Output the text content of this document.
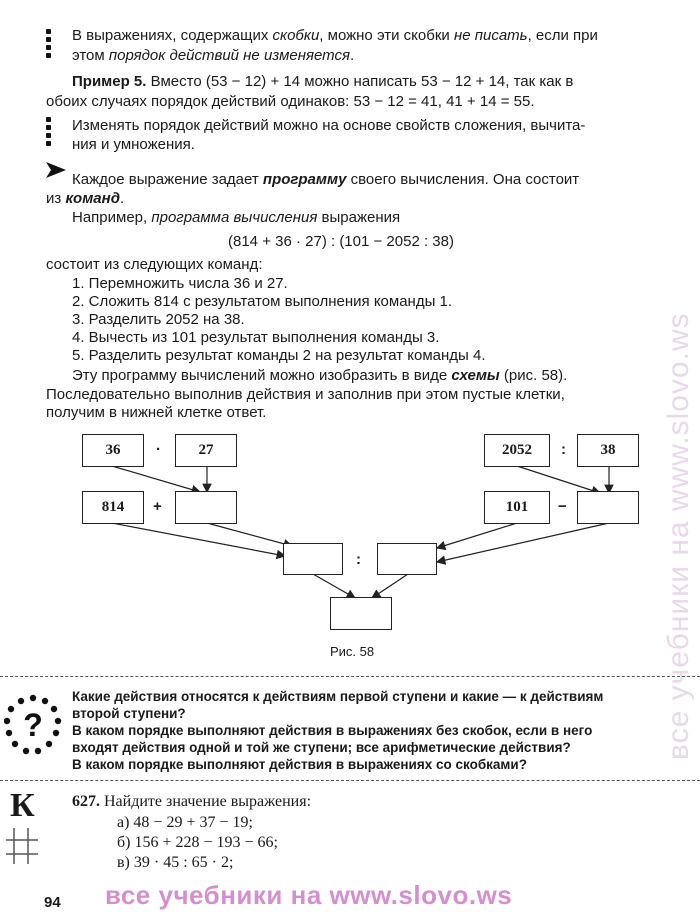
все учебники на www.slovo.ws
В выражениях, содержащих скобки, можно эти скобки не писать, если при
этом порядок действий не изменяется.
Пример 5. Вместо (53 − 12) + 14 можно написать 53 − 12 + 14, так как в
обоих случаях порядок действий одинаков: 53 − 12 = 41, 41 + 14 = 55.
Изменять порядок действий можно на основе свойств сложения, вычита-
ния и умножения.
Каждое выражение задает программу своего вычисления. Она состоит
из команд.
Например, программа вычисления выражения
(814 + 36 · 27) : (101 − 2052 : 38)
состоит из следующих команд:
1. Перемножить числа 36 и 27.
2. Сложить 814 с результатом выполнения команды 1.
3. Разделить 2052 на 38.
4. Вычесть из 101 результат выполнения команды 3.
5. Разделить результат команды 2 на результат команды 4.
Эту программу вычислений можно изобразить в виде схемы (рис. 58).
Последовательно выполнив действия и заполнив при этом пустые клетки,
получим в нижней клетке ответ.
36	·	27
814	+
2052	:	38
101	−
:
Рис. 58
?
Какие действия относятся к действиям первой ступени и какие — к действиям
второй ступени?
В каком порядке выполняют действия в выражениях без скобок, если в него
входят действия одной и той же ступени; все арифметические действия?
В каком порядке выполняют действия в выражениях со скобками?
К 627. Найдите значение выражения:
а) 48 − 29 + 37 − 19;
б) 156 + 228 − 193 − 66;
в) 39 · 45 : 65 · 2;
94 все учебники на www.slovo.ws
